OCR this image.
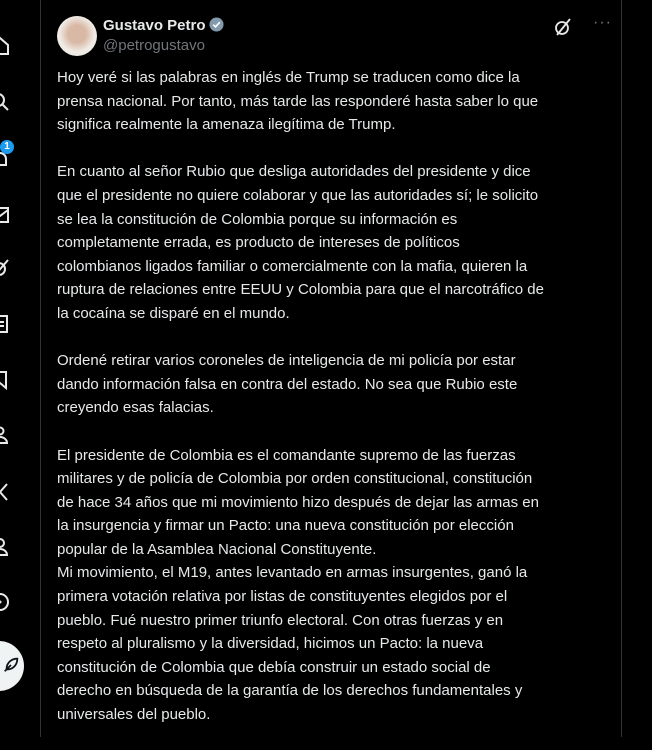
1
Gustavo Petro
@petrogustavo
···
Hoy veré si las palabras en inglés de Trump se traducen como dice la
prensa nacional. Por tanto, más tarde las responderé hasta saber lo que
significa realmente la amenaza ilegítima de Trump.
En cuanto al señor Rubio que desliga autoridades del presidente y dice
que el presidente no quiere colaborar y que las autoridades sí; le solicito
se lea la constitución de Colombia porque su información es
completamente errada, es producto de intereses de políticos
colombianos ligados familiar o comercialmente con la mafia, quieren la
ruptura de relaciones entre EEUU y Colombia para que el narcotráfico de
la cocaína se disparé en el mundo.
Ordené retirar varios coroneles de inteligencia de mi policía por estar
dando información falsa en contra del estado. No sea que Rubio este
creyendo esas falacias.
El presidente de Colombia es el comandante supremo de las fuerzas
militares y de policía de Colombia por orden constitucional, constitución
de hace 34 años que mi movimiento hizo después de dejar las armas en
la insurgencia y firmar un Pacto: una nueva constitución por elección
popular de la Asamblea Nacional Constituyente.
Mi movimiento, el M19, antes levantado en armas insurgentes, ganó la
primera votación relativa por listas de constituyentes elegidos por el
pueblo. Fué nuestro primer triunfo electoral. Con otras fuerzas y en
respeto al pluralismo y la diversidad, hicimos un Pacto: la nueva
constitución de Colombia que debía construir un estado social de
derecho en búsqueda de la garantía de los derechos fundamentales y
universales del pueblo.
